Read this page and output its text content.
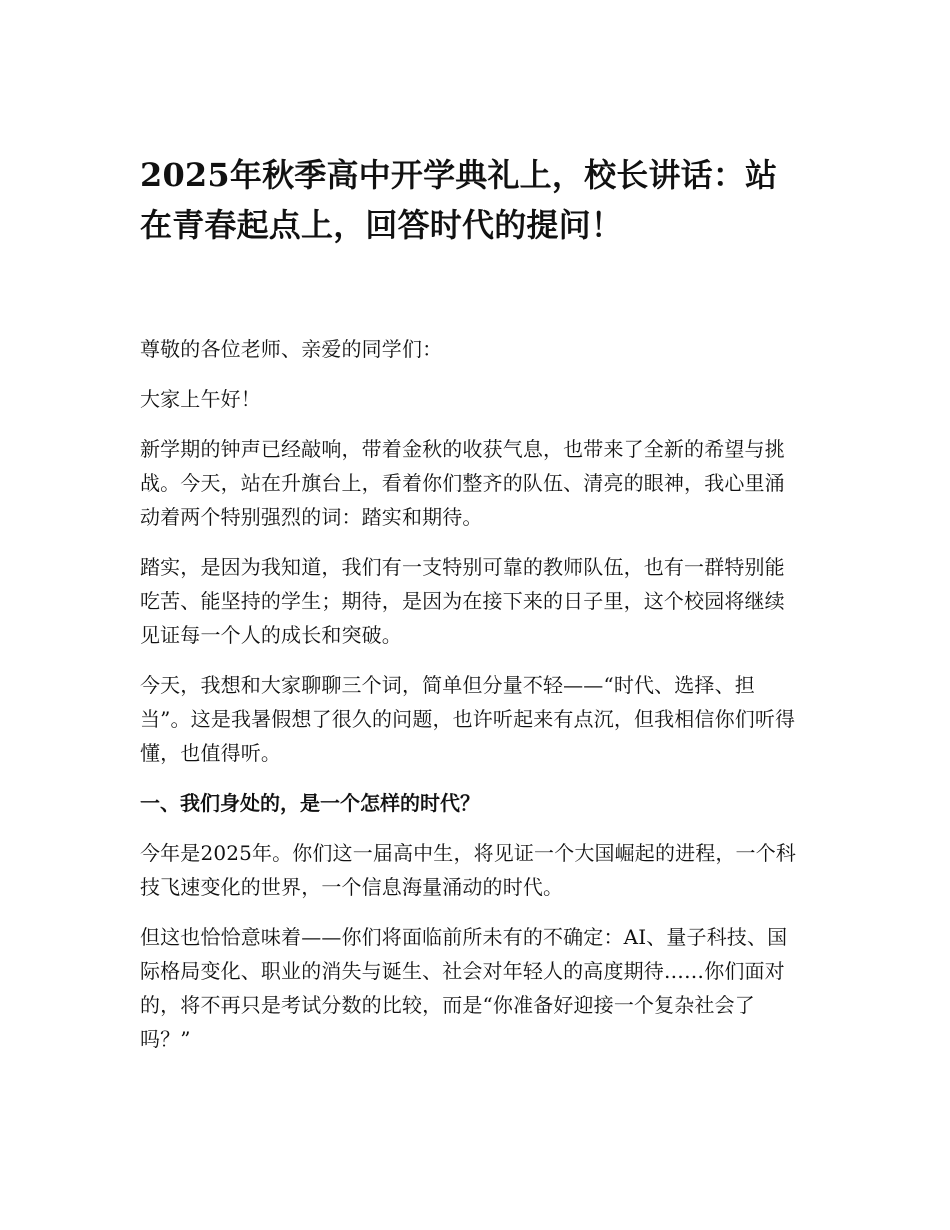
2025年秋季高中开学典礼上，校长讲话：站在青春起点上，回答时代的提问！

尊敬的各位老师、亲爱的同学们：

大家上午好！

新学期的钟声已经敲响，带着金秋的收获气息，也带来了全新的希望与挑战。今天，站在升旗台上，看着你们整齐的队伍、清亮的眼神，我心里涌动着两个特别强烈的词：踏实和期待。

踏实，是因为我知道，我们有一支特别可靠的教师队伍，也有一群特别能吃苦、能坚持的学生；期待，是因为在接下来的日子里，这个校园将继续见证每一个人的成长和突破。

今天，我想和大家聊聊三个词，简单但分量不轻——“时代、选择、担当”。这是我暑假想了很久的问题，也许听起来有点沉，但我相信你们听得懂，也值得听。

一、我们身处的，是一个怎样的时代？

今年是2025年。你们这一届高中生，将见证一个大国崛起的进程，一个科技飞速变化的世界，一个信息海量涌动的时代。

但这也恰恰意味着——你们将面临前所未有的不确定：AI、量子科技、国际格局变化、职业的消失与诞生、社会对年轻人的高度期待……你们面对的，将不再只是考试分数的比较，而是“你准备好迎接一个复杂社会了吗？”
